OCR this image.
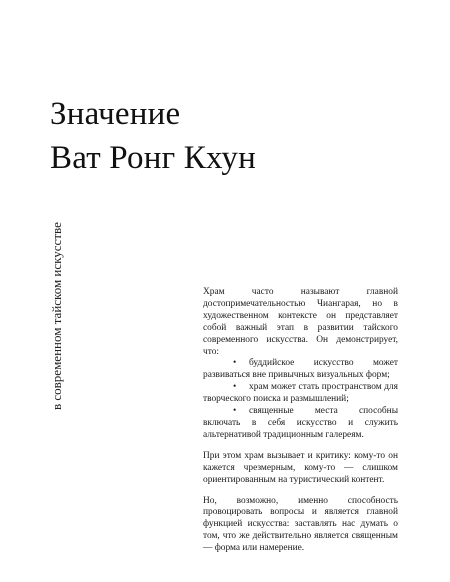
Значение
Ват Ронг Кхун
в современном тайском искусстве	Храм часто называют главной достопримечательностью Чиангарая, но в художественном контексте он представляет собой важный этап в развитии тайского современного искусства. Он демонстрирует, что:

• буддийское искусство может развиваться вне привычных визуальных форм;
• храм может стать пространством для творческого поиска и размышлений;
• священные места способны включать в себя искусство и служить альтернативой традиционным галереям.

При этом храм вызывает и критику: кому-то он кажется чрезмерным, кому-то — слишком ориентированным на туристический контент.

Но, возможно, именно способность провоцировать вопросы и является главной функцией искусства: заставлять нас думать о том, что же действительно является священным — форма или намерение.
